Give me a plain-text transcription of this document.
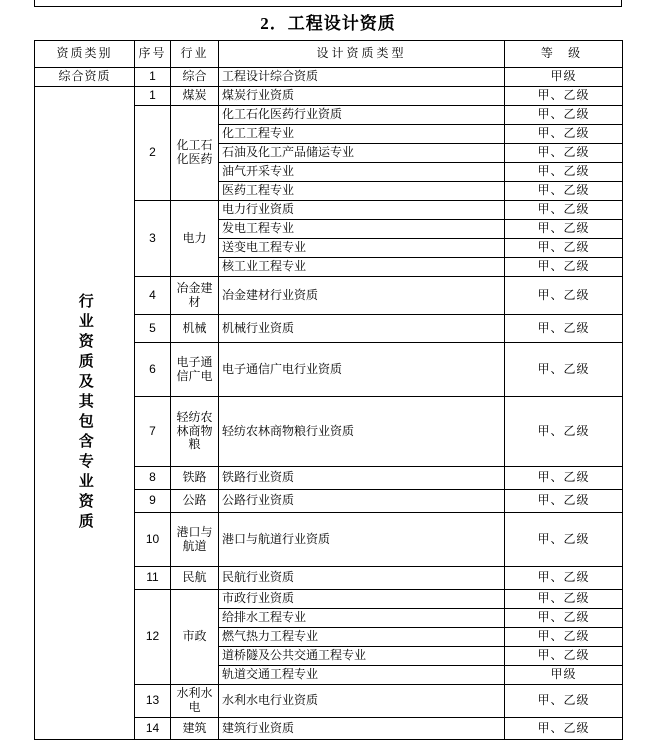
2．工程设计资质
资质类别	序号	行业	设计资质类型	等 级
综合资质	1	综合	工程设计综合资质	甲级

行业资质及其包含专业资质	1	煤炭	煤炭行业资质	甲、乙级
	2	化工石化医药	化工石化医药行业资质	甲、乙级
			化工工程专业	甲、乙级
			石油及化工产品储运专业	甲、乙级
			油气开采专业	甲、乙级
			医药工程专业	甲、乙级
	3	电力	电力行业资质	甲、乙级
			发电工程专业	甲、乙级
			送变电工程专业	甲、乙级
			核工业工程专业	甲、乙级
	4	冶金建材	冶金建材行业资质	甲、乙级
	5	机械	机械行业资质	甲、乙级
	6	电子通信广电	电子通信广电行业资质	甲、乙级
	7	轻纺农林商物粮	轻纺农林商物粮行业资质	甲、乙级
	8	铁路	铁路行业资质	甲、乙级
	9	公路	公路行业资质	甲、乙级
	10	港口与航道	港口与航道行业资质	甲、乙级
	11	民航	民航行业资质	甲、乙级
	12	市政	市政行业资质	甲、乙级
			给排水工程专业	甲、乙级
			燃气热力工程专业	甲、乙级
			道桥隧及公共交通工程专业	甲、乙级
			轨道交通工程专业	甲级
	13	水利水电	水利水电行业资质	甲、乙级
	14	建筑	建筑行业资质	甲、乙级
